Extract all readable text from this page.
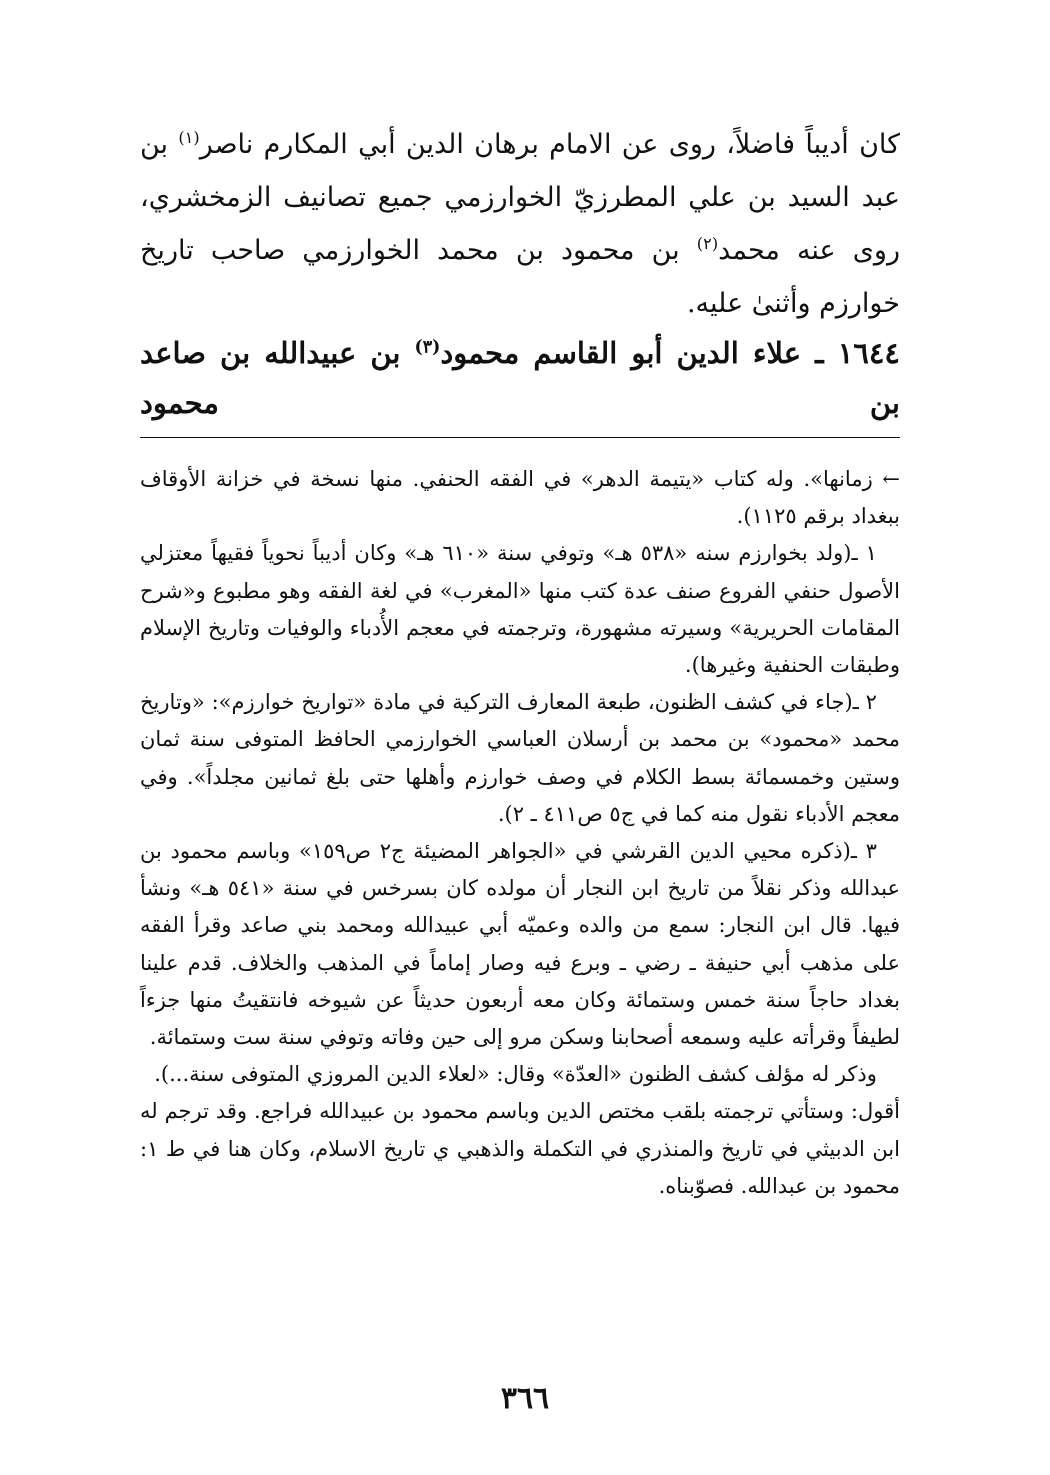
كان أديباً فاضلاً، روى عن الامام برهان الدين أبي المكارم ناصر$^{(١)}$ بن عبد السيد بن علي المطرزيّ الخوارزمي جميع تصانيف الزمخشري، روى عنه محمد$^{(٢)}$ بن محمود بن محمد الخوارزمي صاحب تاريخ خوارزم وأثنىٰ عليه.

١٦٤٤ ـ علاء الدين أبو القاسم محمود$^{(٣)}$ بن عبيدالله بن صاعد بن محمود

← زمانها». وله كتاب «يتيمة الدهر» في الفقه الحنفي. منها نسخة في خزانة الأوقاف ببغداد برقم ١١٢٥).

١ ـ(ولد بخوارزم سنه «٥٣٨ هـ» وتوفي سنة «٦١٠ هـ» وكان أديباً نحوياً فقيهاً معتزلي الأصول حنفي الفروع صنف عدة كتب منها «المغرب» في لغة الفقه وهو مطبوع و«شرح المقامات الحريرية» وسيرته مشهورة، وترجمته في معجم الأُدباء والوفيات وتاريخ الإسلام وطبقات الحنفية وغيرها).

٢ ـ(جاء في كشف الظنون، طبعة المعارف التركية في مادة «تواريخ خوارزم»: «وتاريخ محمد «محمود» بن محمد بن أرسلان العباسي الخوارزمي الحافظ المتوفى سنة ثمان وستين وخمسمائة بسط الكلام في وصف خوارزم وأهلها حتى بلغ ثمانين مجلداً». وفي معجم الأدباء نقول منه كما في ج٥ ص٤١١ ـ ٢).

٣ ـ(ذكره محيي الدين القرشي في «الجواهر المضيئة ج٢ ص١٥٩» وباسم محمود بن عبدالله وذكر نقلاً من تاريخ ابن النجار أن مولده كان بسرخس في سنة «٥٤١ هـ» ونشأ فيها. قال ابن النجار: سمع من والده وعميّه أبي عبيدالله ومحمد بني صاعد وقرأ الفقه على مذهب أبي حنيفة ـ رضي ـ وبرع فيه وصار إماماً في المذهب والخلاف. قدم علينا بغداد حاجاً سنة خمس وستمائة وكان معه أربعون حديثاً عن شيوخه فانتقيتُ منها جزءاً لطيفاً وقرأته عليه وسمعه أصحابنا وسكن مرو إلى حين وفاته وتوفي سنة ست وستمائة.

وذكر له مؤلف كشف الظنون «العدّة» وقال: «لعلاء الدين المروزي المتوفى سنة...).

أقول: وستأتي ترجمته بلقب مختص الدين وباسم محمود بن عبيدالله فراجع. وقد ترجم له ابن الدبيثي في تاريخ والمنذري في التكملة والذهبي ي تاريخ الاسلام، وكان هنا في ط ١: محمود بن عبدالله. فصوّبناه.

٣٦٦
